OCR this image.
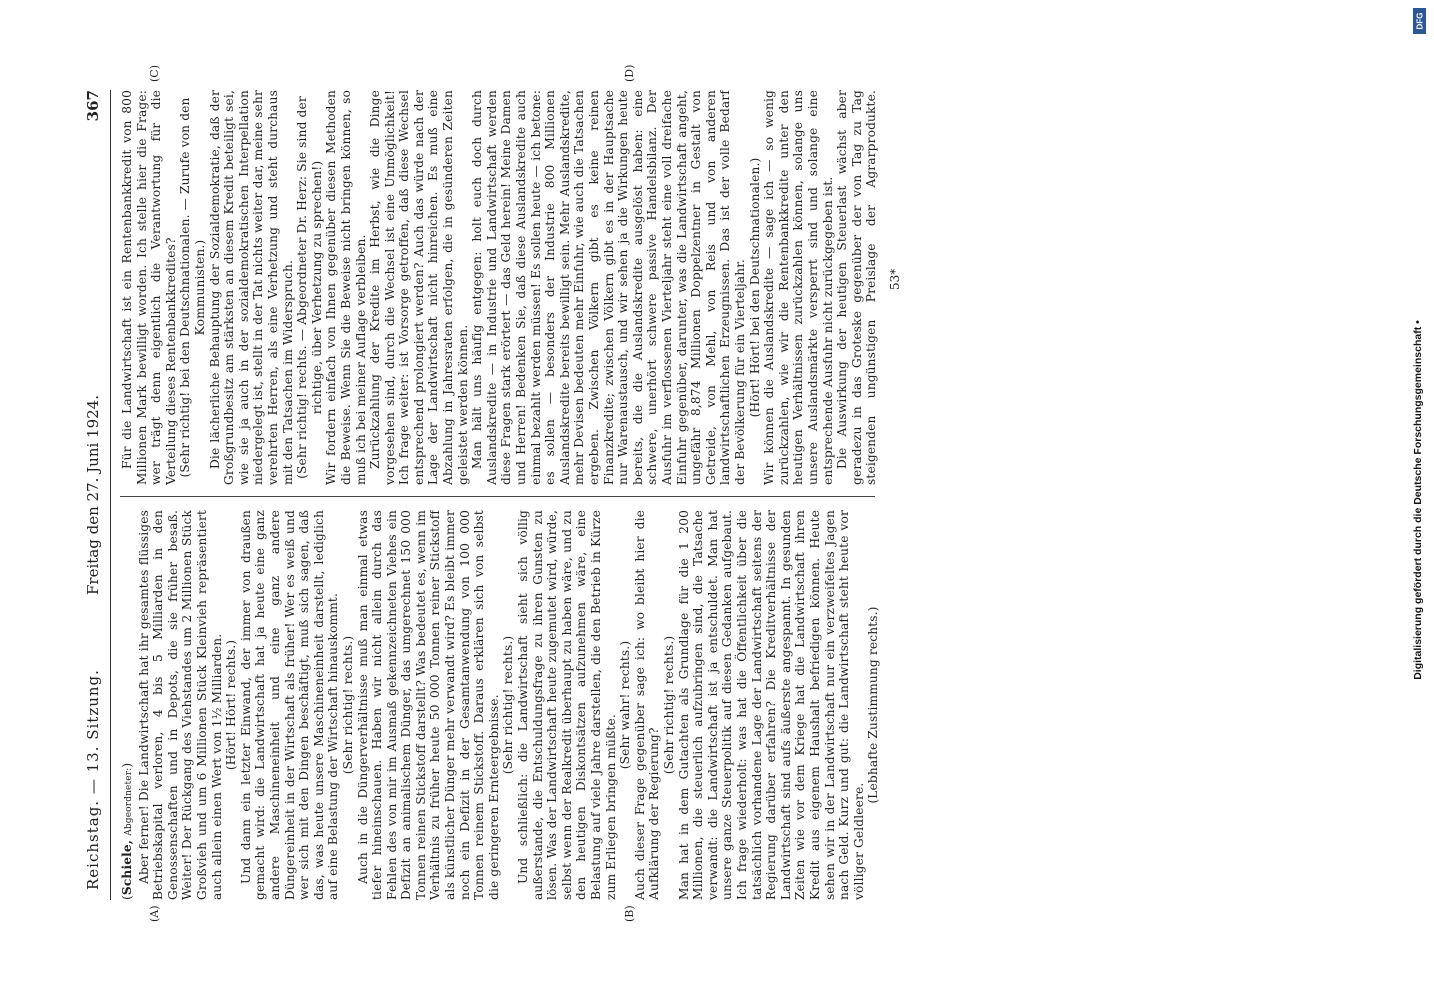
Reichstag. — 13. Sitzung.
Freitag den 27. Juni 1924.
367
(A)	(B)
(C)	(D)

(Schiele, Abgeordneter:) Aber ferner! Die Landwirtschaft hat ihr gesamtes flüssiges Betriebskapital verloren, 4 bis 5 Milliarden in den Genossenschaften und in Depots, die sie früher besaß. Weiter! Der Rückgang des Viehstandes um 2 Millionen Stück Großvieh und um 6 Millionen Stück Kleinvieh repräsentiert auch allein einen Wert von 1½ Milliarden. (Hört! Hört! rechts.) Und dann ein letzter Einwand, der immer von draußen gemacht wird: die Landwirtschaft hat ja heute eine ganz andere Maschineneinheit und eine ganz andere Düngereinheit in der Wirtschaft als früher! Wer es weiß und wer sich mit den Dingen beschäftigt, muß sich sagen, daß das, was heute unsere Maschineneinheit darstellt, lediglich auf eine Belastung der Wirtschaft hinauskommt. (Sehr richtig! rechts.) Auch in die Düngerverhältnisse muß man einmal etwas tiefer hineinschauen. Haben wir nicht allein durch das Fehlen des von mir im Ausmaß gekennzeichneten Viehes ein Defizit an animalischem Dünger, das umgerechnet 150 000 Tonnen reinen Stickstoff darstellt? Was bedeutet es, wenn im Verhältnis zu früher heute 50 000 Tonnen reiner Stickstoff als künstlicher Dünger mehr verwandt wird? Es bleibt immer noch ein Defizit in der Gesamtanwendung von 100 000 Tonnen reinem Stickstoff. Daraus erklären sich von selbst die geringeren Ernteergebnisse. (Sehr richtig! rechts.) Und schließlich: die Landwirtschaft sieht sich völlig außerstande, die Entschuldungsfrage zu ihren Gunsten zu lösen. Was der Landwirtschaft heute zugemutet wird, würde, selbst wenn der Realkredit überhaupt zu haben wäre, und zu den heutigen Diskontsätzen aufzunehmen wäre, eine Belastung auf viele Jahre darstellen, die den Betrieb in Kürze zum Erliegen bringen müßte.

(Sehr wahr! rechts.) Auch dieser Frage gegenüber sage ich: wo bleibt hier die Aufklärung der Regierung?

(Sehr richtig! rechts.) Man hat in dem Gutachten als Grundlage für die 1 200 Millionen, die steuerlich aufzubringen sind, die Tatsache verwandt: die Landwirtschaft ist ja entschuldet. Man hat unsere ganze Steuerpolitik auf diesen Gedanken aufgebaut. Ich frage wiederholt: was hat die Öffentlichkeit über die tatsächlich vorhandene Lage der Landwirtschaft seitens der Regierung darüber erfahren? Die Kreditverhältnisse der Landwirtschaft sind aufs äußerste angespannt. In gesunden Zeiten wie vor dem Kriege hat die Landwirtschaft ihren Kredit aus eigenem Haushalt befriedigen können. Heute sehen wir in der Landwirtschaft nur ein verzweifeltes Jagen nach Geld. Kurz und gut: die Landwirtschaft steht heute vor völliger Geldleere.

(Lebhafte Zustimmung rechts.)

Für die Landwirtschaft ist ein Rentenbankkredit von 800 Millionen Mark bewilligt worden. Ich stelle hier die Frage: wer trägt denn eigentlich die Verantwortung für die Verteilung dieses Rentenbankkredites? (Sehr richtig! bei den Deutschnationalen. — Zurufe von den Kommunisten.) Die lächerliche Behauptung der Sozialdemokratie, daß der Großgrundbesitz am stärksten an diesem Kredit beteiligt sei, wie sie ja auch in der sozialdemokratischen Interpellation niedergelegt ist, stellt in der Tat nichts weiter dar, meine sehr verehrten Herren, als eine Verhetzung und steht durchaus mit den Tatsachen im Widerspruch. (Sehr richtig! rechts. — Abgeordneter Dr. Herz: Sie sind der richtige, über Verhetzung zu sprechen!) Wir fordern einfach von Ihnen gegenüber diesen Methoden die Beweise. Wenn Sie die Beweise nicht bringen können, so muß ich bei meiner Auflage verbleiben. Zurückzahlung der Kredite im Herbst, wie die Dinge vorgesehen sind, durch die Wechsel ist eine Unmöglichkeit! Ich frage weiter: ist Vorsorge getroffen, daß diese Wechsel entsprechend prolongiert werden? Auch das würde nach der Lage der Landwirtschaft nicht hinreichen. Es muß eine Abzahlung in Jahresraten erfolgen, die in gesünderen Zeiten geleistet werden können. Man hält uns häufig entgegen: holt euch doch durch Auslandskredite — in Industrie und Landwirtschaft werden diese Fragen stark erörtert — das Geld herein! Meine Damen und Herren! Bedenken Sie, daß diese Auslandskredite auch einmal bezahlt werden müssen! Es sollen heute — ich betone: es sollen — besonders der Industrie 800 Millionen Auslandskredite bereits bewilligt sein. Mehr Auslandskredite, mehr Devisen bedeuten mehr Einfuhr, wie auch die Tatsachen ergeben. Zwischen Völkern gibt es keine reinen Finanzkredite; zwischen Völkern gibt es in der Hauptsache nur Warenaustausch, und wir sehen ja die Wirkungen heute bereits, die die Auslandskredite ausgelöst haben: eine schwere, unerhört schwere passive Handelsbilanz. Der Ausfuhr im verflossenen Vierteljahr steht eine voll dreifache Einfuhr gegenüber, darunter, was die Landwirtschaft angeht, ungefähr 8,874 Millionen Doppelzentner in Gestalt von Getreide, von Mehl, von Reis und von anderen landwirtschaftlichen Erzeugnissen. Das ist der volle Bedarf der Bevölkerung für ein Vierteljahr. (Hört! Hört! bei den Deutschnationalen.) Wir können die Auslandskredite — sage ich — so wenig zurückzahlen, wie wir die Rentenbankkredite unter den heutigen Verhältnissen zurückzahlen können, solange uns unsere Auslandsmärkte versperrt sind und solange eine entsprechende Ausfuhr nicht zurückgegeben ist. Die Auswirkung der heutigen Steuerlast wächst aber geradezu in das Groteske gegenüber der von Tag zu Tag steigenden ungünstigen Preislage der Agrarprodukte.

53*
Digitalisierung gefördert durch die Deutsche Forschungsgemeinschaft •
DFG
